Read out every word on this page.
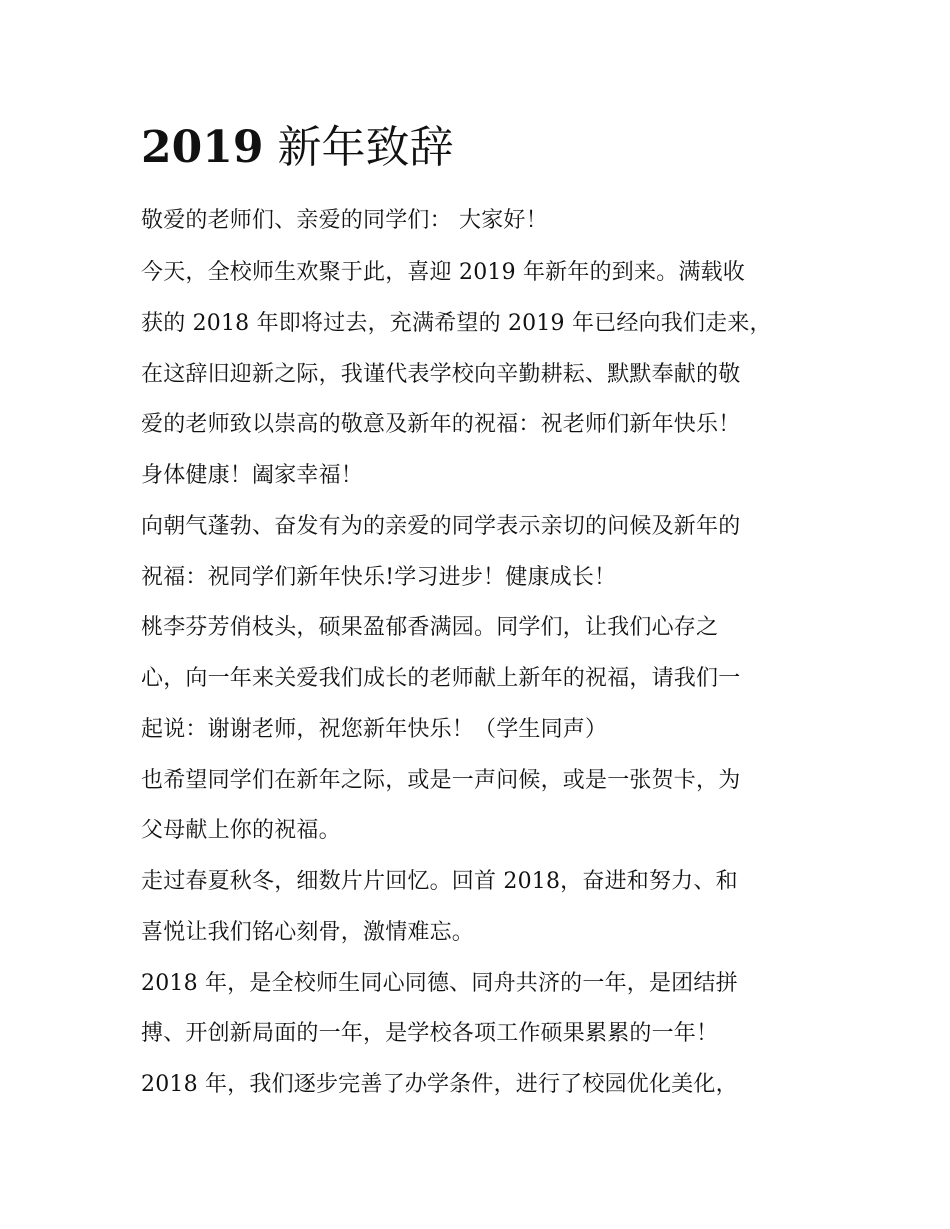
2019 新年致辞
敬爱的老师们、亲爱的同学们： 大家好！
今天，全校师生欢聚于此，喜迎 2019 年新年的到来。满载收
获的 2018 年即将过去，充满希望的 2019 年已经向我们走来，
在这辞旧迎新之际，我谨代表学校向辛勤耕耘、默默奉献的敬
爱的老师致以崇高的敬意及新年的祝福：祝老师们新年快乐！
身体健康！阖家幸福！
向朝气蓬勃、奋发有为的亲爱的同学表示亲切的问候及新年的
祝福：祝同学们新年快乐!学习进步！健康成长！
桃李芬芳俏枝头，硕果盈郁香满园。同学们，让我们心存之
心，向一年来关爱我们成长的老师献上新年的祝福，请我们一
起说：谢谢老师，祝您新年快乐！（学生同声）
也希望同学们在新年之际，或是一声问候，或是一张贺卡，为
父母献上你的祝福。
走过春夏秋冬，细数片片回忆。回首 2018，奋进和努力、和
喜悦让我们铭心刻骨，激情难忘。
2018 年，是全校师生同心同德、同舟共济的一年，是团结拼
搏、开创新局面的一年，是学校各项工作硕果累累的一年！
2018 年，我们逐步完善了办学条件，进行了校园优化美化，
